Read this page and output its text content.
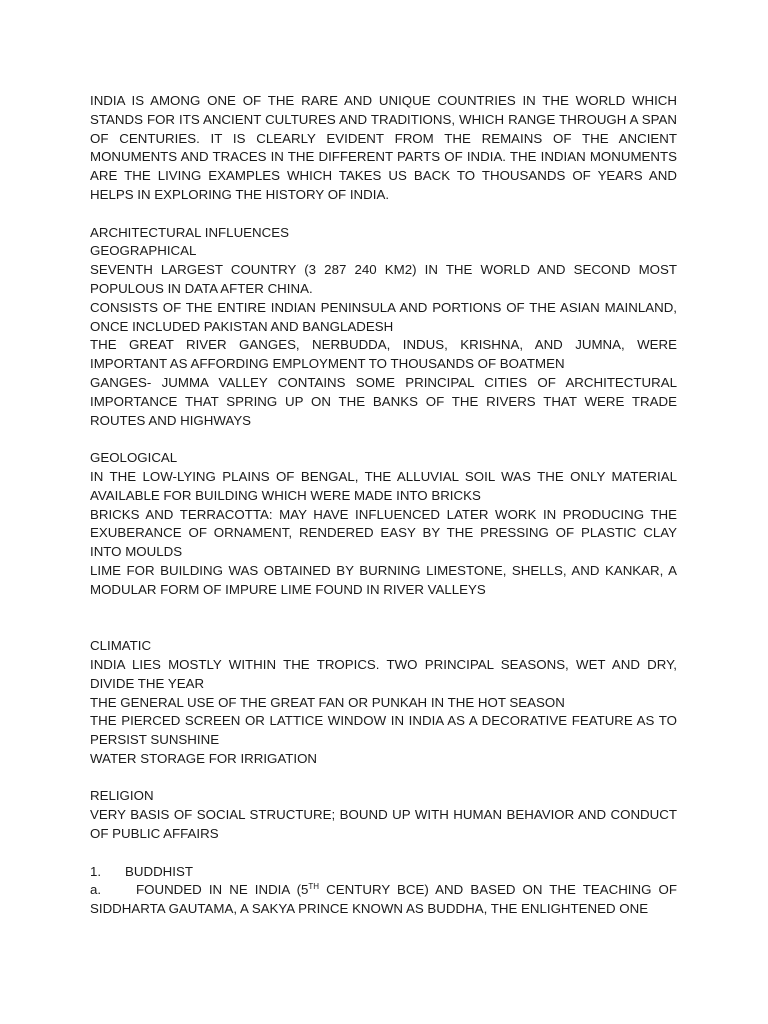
INDIA IS AMONG ONE OF THE RARE AND UNIQUE COUNTRIES IN THE WORLD WHICH STANDS FOR ITS ANCIENT CULTURES AND TRADITIONS, WHICH RANGE THROUGH A SPAN OF CENTURIES. IT IS CLEARLY EVIDENT FROM THE REMAINS OF THE ANCIENT MONUMENTS AND TRACES IN THE DIFFERENT PARTS OF INDIA. THE INDIAN MONUMENTS ARE THE LIVING EXAMPLES WHICH TAKES US BACK TO THOUSANDS OF YEARS AND HELPS IN EXPLORING THE HISTORY OF INDIA.

ARCHITECTURAL INFLUENCES

GEOGRAPHICAL

SEVENTH LARGEST COUNTRY (3 287 240 KM2) IN THE WORLD AND SECOND MOST POPULOUS IN DATA AFTER CHINA.

CONSISTS OF THE ENTIRE INDIAN PENINSULA AND PORTIONS OF THE ASIAN MAINLAND, ONCE INCLUDED PAKISTAN AND BANGLADESH

THE GREAT RIVER GANGES, NERBUDDA, INDUS, KRISHNA, AND JUMNA, WERE IMPORTANT AS AFFORDING EMPLOYMENT TO THOUSANDS OF BOATMEN

GANGES- JUMMA VALLEY CONTAINS SOME PRINCIPAL CITIES OF ARCHITECTURAL IMPORTANCE THAT SPRING UP ON THE BANKS OF THE RIVERS THAT WERE TRADE ROUTES AND HIGHWAYS

GEOLOGICAL

IN THE LOW-LYING PLAINS OF BENGAL, THE ALLUVIAL SOIL WAS THE ONLY MATERIAL AVAILABLE FOR BUILDING WHICH WERE MADE INTO BRICKS

BRICKS AND TERRACOTTA: MAY HAVE INFLUENCED LATER WORK IN PRODUCING THE EXUBERANCE OF ORNAMENT, RENDERED EASY BY THE PRESSING OF PLASTIC CLAY INTO MOULDS

LIME FOR BUILDING WAS OBTAINED BY BURNING LIMESTONE, SHELLS, AND KANKAR, A MODULAR FORM OF IMPURE LIME FOUND IN RIVER VALLEYS

CLIMATIC

INDIA LIES MOSTLY WITHIN THE TROPICS. TWO PRINCIPAL SEASONS, WET AND DRY, DIVIDE THE YEAR

THE GENERAL USE OF THE GREAT FAN OR PUNKAH IN THE HOT SEASON

THE PIERCED SCREEN OR LATTICE WINDOW IN INDIA AS A DECORATIVE FEATURE AS TO PERSIST SUNSHINE

WATER STORAGE FOR IRRIGATION

RELIGION

VERY BASIS OF SOCIAL STRUCTURE; BOUND UP WITH HUMAN BEHAVIOR AND CONDUCT OF PUBLIC AFFAIRS

1. BUDDHIST

a.	FOUNDED IN NE INDIA (5TH CENTURY BCE) AND BASED ON THE TEACHING OF SIDDHARTA GAUTAMA, A SAKYA PRINCE KNOWN AS BUDDHA, THE ENLIGHTENED ONE
